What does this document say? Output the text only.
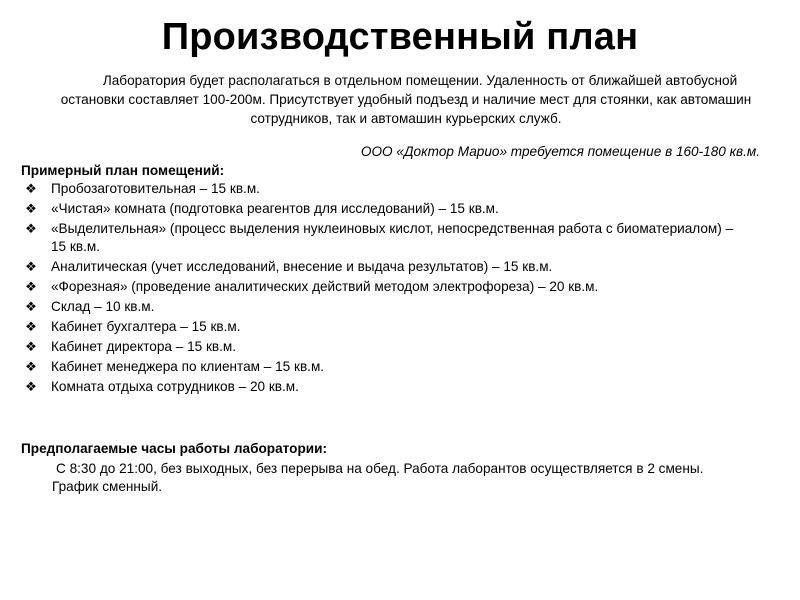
Производственный план
Лаборатория будет располагаться в отдельном помещении. Удаленность от ближайшей автобусной остановки составляет 100-200м. Присутствует удобный подъезд и наличие мест для стоянки, как автомашин сотрудников, так и автомашин курьерских служб.
ООО «Доктор Марио» требуется помещение в 160-180 кв.м.
Примерный план помещений:
❖ Пробозаготовительная – 15 кв.м.
❖ «Чистая» комната (подготовка реагентов для исследований) – 15 кв.м.
❖ «Выделительная» (процесс выделения нуклеиновых кислот, непосредственная работа с биоматериалом) – 15 кв.м.
❖ Аналитическая (учет исследований, внесение и выдача результатов) – 15 кв.м.
❖ «Форезная» (проведение аналитических действий методом электрофореза) – 20 кв.м.
❖ Склад – 10 кв.м.
❖ Кабинет бухгалтера – 15 кв.м.
❖ Кабинет директора – 15 кв.м.
❖ Кабинет менеджера по клиентам – 15 кв.м.
❖ Комната отдыха сотрудников – 20 кв.м.
Предполагаемые часы работы лаборатории:
С 8:30 до 21:00, без выходных, без перерыва на обед. Работа лаборантов осуществляется в 2 смены. График сменный.
